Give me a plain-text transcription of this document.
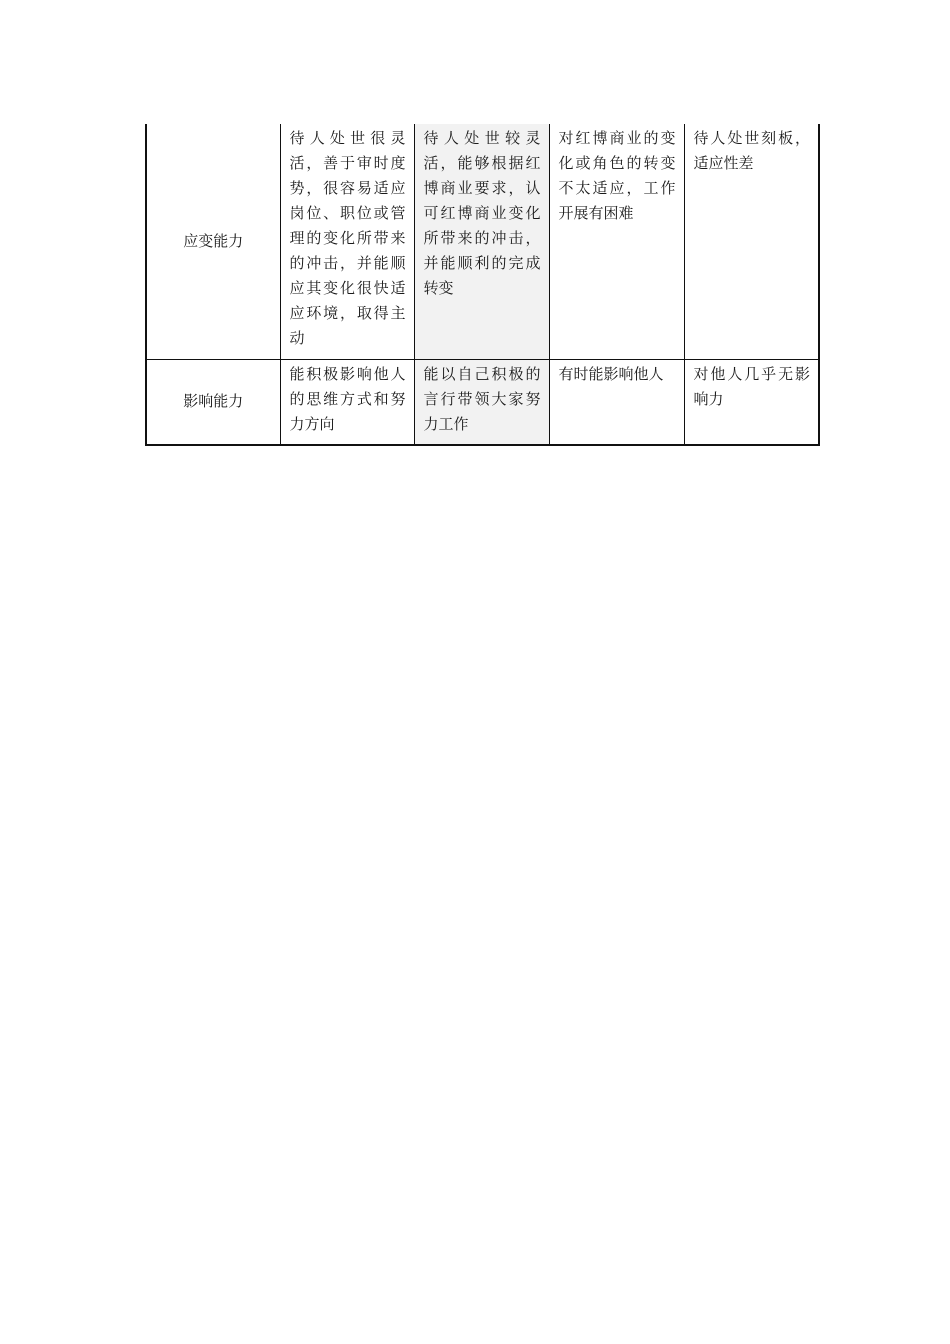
应变能力	待人处世很灵活，善于审时度势，很容易适应岗位、职位或管理的变化所带来的冲击，并能顺应其变化很快适应环境，取得主动	待人处世较灵活，能够根据红博商业要求，认可红博商业变化所带来的冲击，并能顺利的完成转变	对红博商业的变化或角色的转变不太适应，工作开展有困难	待人处世刻板，适应性差
影响能力	能积极影响他人的思维方式和努力方向	能以自己积极的言行带领大家努力工作	有时能影响他人	对他人几乎无影响力
